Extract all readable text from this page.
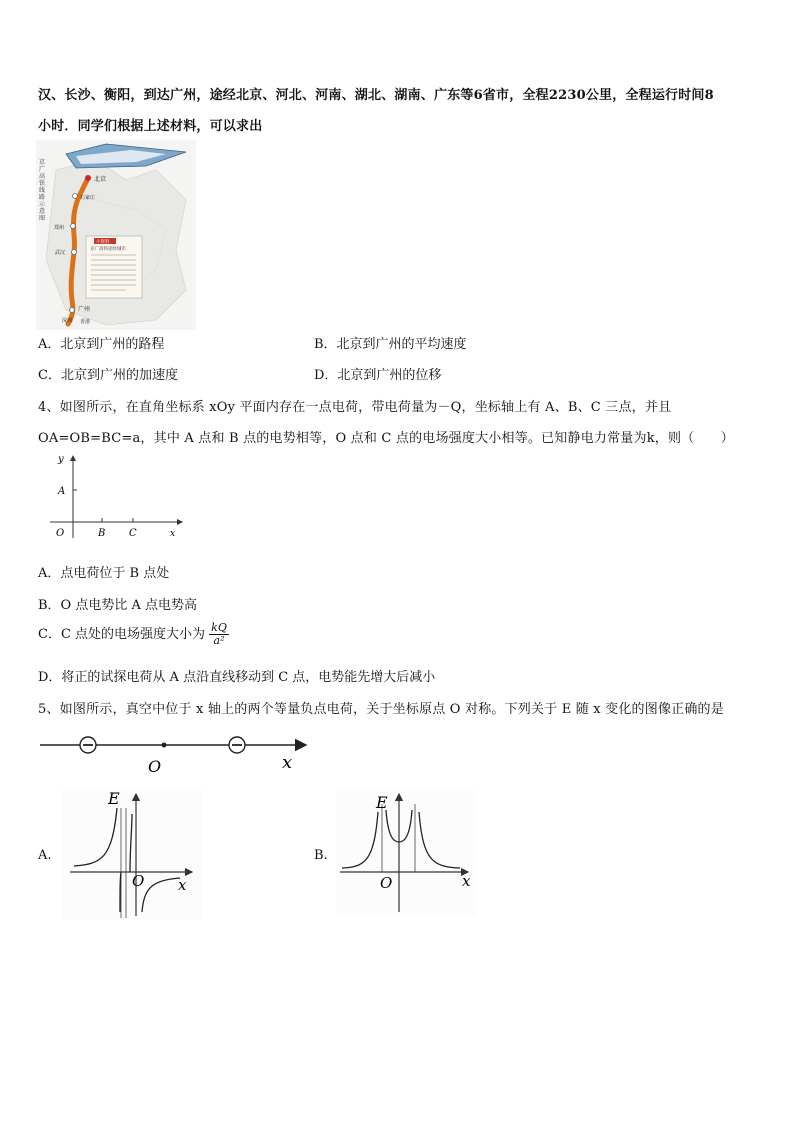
汉、长沙、衡阳，到达广州，途经北京、河北、河南、湖北、湖南、广东等6省市，全程2230公里，全程运行时间8
小时．同学们根据上述材料，可以求出
京
广
高
铁
线
路
示
意
图
北京
石家庄
郑州
武汉
广州
深圳 香港
小资料
京广高铁途经城市
A．北京到广州的路程	B．北京到广州的平均速度
C．北京到广州的加速度	D．北京到广州的位移
4、如图所示，在直角坐标系 xOy 平面内存在一点电荷，带电荷量为－Q，坐标轴上有 A、B、C 三点，并且
OA=OB=BC=a，其中 A 点和 B 点的电势相等，O 点和 C 点的电场强度大小相等。已知静电力常量为k，则（　　）
y
A
O	B C	x
A．点电荷位于 B 点处
B．O 点电势比 A 点电势高
C．C 点处的电场强度大小为 $\frac{kQ}{\text{a²}}$
D．将正的试探电荷从 A 点沿直线移动到 C 点，电势能先增大后减小
5、如图所示，真空中位于 x 轴上的两个等量负点电荷，关于坐标原点 O 对称。下列关于 E 随 x 变化的图像正确的是
O	x
A.
E
O x
B.
E
O	x
